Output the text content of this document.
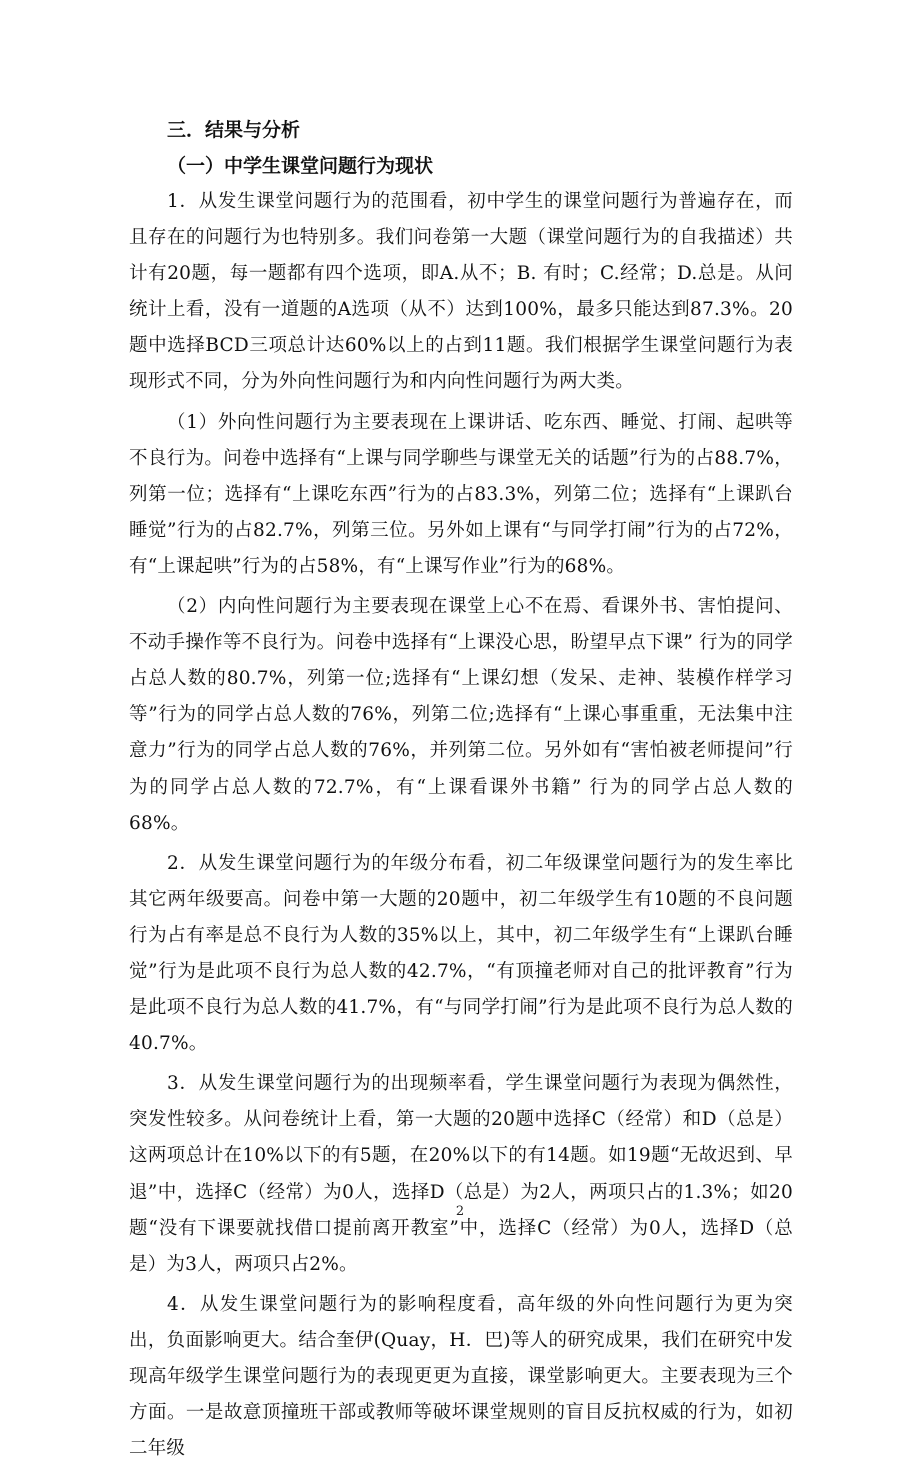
三．结果与分析
（一）中学生课堂问题行为现状

1．从发生课堂问题行为的范围看，初中学生的课堂问题行为普遍存在，而且存在的问题行为也特别多。我们问卷第一大题（课堂问题行为的自我描述）共计有20题，每一题都有四个选项，即A.从不；B. 有时；C.经常；D.总是。从问统计上看，没有一道题的A选项（从不）达到100%，最多只能达到87.3%。20题中选择BCD三项总计达60%以上的占到11题。我们根据学生课堂问题行为表现形式不同，分为外向性问题行为和内向性问题行为两大类。

（1）外向性问题行为主要表现在上课讲话、吃东西、睡觉、打闹、起哄等不良行为。问卷中选择有“上课与同学聊些与课堂无关的话题”行为的占88.7%，列第一位；选择有“上课吃东西”行为的占83.3%，列第二位；选择有“上课趴台睡觉”行为的占82.7%，列第三位。另外如上课有“与同学打闹”行为的占72%，有“上课起哄”行为的占58%，有“上课写作业”行为的68%。

（2）内向性问题行为主要表现在课堂上心不在焉、看课外书、害怕提问、不动手操作等不良行为。问卷中选择有“上课没心思，盼望早点下课” 行为的同学占总人数的80.7%，列第一位;选择有“上课幻想（发呆、走神、装模作样学习等”行为的同学占总人数的76%，列第二位;选择有“上课心事重重，无法集中注意力”行为的同学占总人数的76%，并列第二位。另外如有“害怕被老师提问”行为的同学占总人数的72.7%，有“上课看课外书籍” 行为的同学占总人数的68%。

2．从发生课堂问题行为的年级分布看，初二年级课堂问题行为的发生率比其它两年级要高。问卷中第一大题的20题中，初二年级学生有10题的不良问题行为占有率是总不良行为人数的35%以上，其中，初二年级学生有“上课趴台睡觉”行为是此项不良行为总人数的42.7%，“有顶撞老师对自己的批评教育”行为是此项不良行为总人数的41.7%，有“与同学打闹”行为是此项不良行为总人数的40.7%。

3．从发生课堂问题行为的出现频率看，学生课堂问题行为表现为偶然性，突发性较多。从问卷统计上看，第一大题的20题中选择C（经常）和D（总是）这两项总计在10%以下的有5题，在20%以下的有14题。如19题“无故迟到、早退”中，选择C（经常）为0人，选择D（总是）为2人，两项只占的1.3%；如20题“没有下课要就找借口提前离开教室”中，选择C（经常）为0人，选择D（总是）为3人，两项只占2%。

4．从发生课堂问题行为的影响程度看，高年级的外向性问题行为更为突出，负面影响更大。结合奎伊(Quay，H．巴)等人的研究成果，我们在研究中发现高年级学生课堂问题行为的表现更更为直接，课堂影响更大。主要表现为三个方面。一是故意顶撞班干部或教师等破坏课堂规则的盲目反抗权威的行为，如初二年级

2
